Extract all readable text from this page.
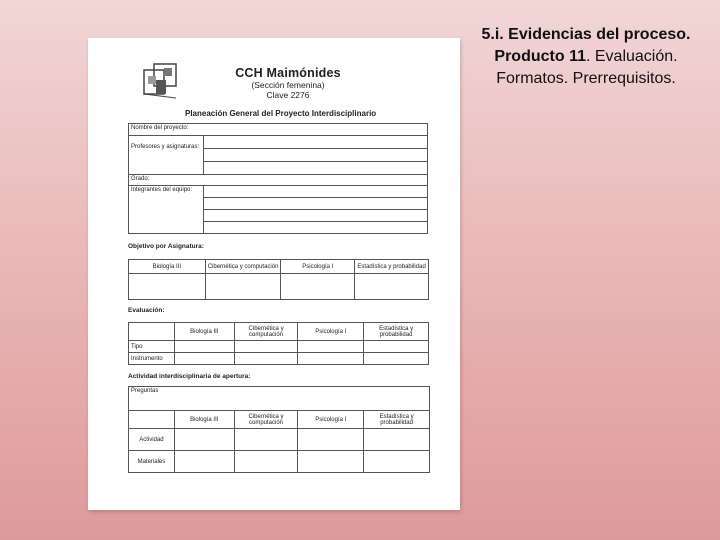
5.i. Evidencias del proceso. Producto 11. Evaluación. Formatos. Prerrequisitos.
CCH Maimónides
(Sección femenina)
Clave 2276
Planeación General del Proyecto Interdisciplinario
Nombre del proyecto:	
Profesores y asignaturas:	

Grado:	
Integrantes del equipo:	

Objetivo por Asignatura:
Biología III	Cibernética y computación	Psicología I	Estadística y probabilidad

Evaluación:
	Biología III	Cibernética y computación	Psicología I	Estadística y probabilidad
Tipo				
Instrumento				
Actividad interdisciplinaria de apertura:
Preguntas				
	Biología III	Cibernética y computación	Psicología I	Estadística y probabilidad
Actividad				
Materiales				
